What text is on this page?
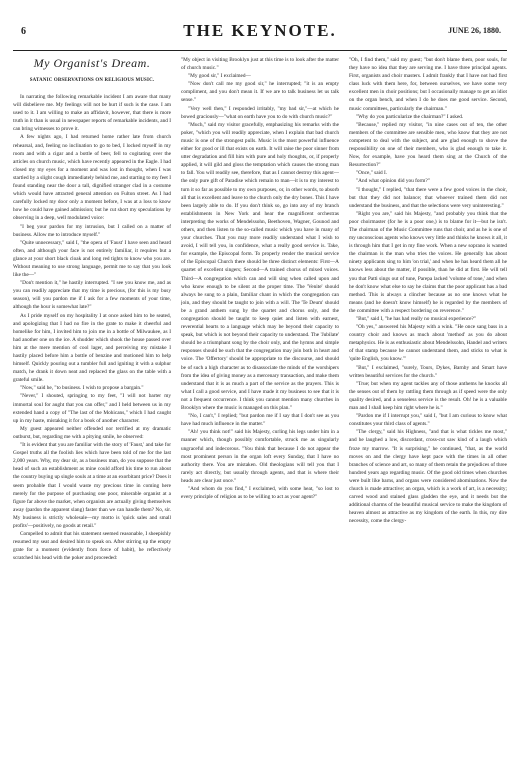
6	THE KEYNOTE.	JUNE 26, 1880.
My Organist's Dream.
SATANIC OBSERVATIONS ON RELIGIOUS MUSIC.

In narrating the following remarkable incident I am aware that many will disbelieve me. My feelings will not be hurt if such is the case. I am used to it. I am willing to make an affidavit, however, that there is more truth in it than is usual in newspaper reports of remarkable incidents, and I can bring witnesses to prove it.

A few nights ago, I had returned home rather late from church rehearsal, and, feeling no inclination to go to bed, I locked myself in my room and with a cigar and a bottle of beer, fell to cogitating over the articles on church music, which have recently appeared in the Eagle. I had closed my my eyes for a moment and was lost in thought, when I was startled by a slight cough immediately behind me, and starting to my feet I found standing near the door a tall, dignified stranger clad in a costume which would have attracted general attention on Fulton street. As I had carefully locked my door only a moment before, I was at a loss to know how he could have gained admission; but he cut short my speculations by observing in a deep, well modulated voice:

"I beg your pardon for my intrusion, but I called on a matter of business. Allow me to introduce myself."

"Quite unnecessary," said I, "the opera of 'Faust' I have seen and heard often, and although your face is not entirely familiar, it requires but a glance at your short black cloak and long red tights to know who you are. Without meaning to use strong language, permit me to say that you look like the—"

"Don't mention it," he hastily interrupted. "I see you know me, and as you can readily appreciate that my time is precious, (for this is my busy season), will you pardon me if I ask for a few moments of your time, although the hour is somewhat late?"

As I pride myself on my hospitality I at once asked him to be seated, and apologizing that I had no fire in the grate to make it cheerful and homelike for him, I invited him to join me in a bottle of Milwaukee, as I had another one on the ice. A shudder which shook the house passed over him at the mere mention of cool lager, and perceiving my mistake I hastily placed before him a bottle of benzine and motioned him to help himself. Quickly pouring out a tumbler full and igniting it with a sulphur match, he drank it down neat and replaced the glass on the table with a grateful smile.

"Now," said he, "to business. I wish to propose a bargain."

"Never," I shouted, springing to my feet, "I will not barter my immortal soul for aught that you can offer," and I held between us in my extended hand a copy of "The last of the Mohicans," which I had caught up in my haste, mistaking it for a book of another character.

My guest appeared neither offended nor terrified at my dramatic outburst, but, regarding me with a pitying smile, he observed:

"It is evident that you are familiar with the story of 'Faust,' and take for Gospel truths all the foolish lies which have been told of me for the last 2,000 years. Why, my dear sir, as a business man, do you suppose that the head of such an establishment as mine could afford his time to run about the country buying up single souls at a time at an exorbitant price? Does it seem probable that I would waste my precious time in coming here merely for the purpose of purchasing one poor, miserable organist at a figure far above the market, when organists are actually giving themselves away (pardon the apparent slang) faster than we can handle them? No, sir. My business is strictly wholesale—my motto is 'quick sales and small profits'—positively, no goods at retail."

Compelled to admit that his statement seemed reasonable, I sheepishly resumed my seat and desired him to speak on. After stirring up the empty grate for a moment (evidently from force of habit), he reflectively scratched his head with the poker and proceeded:

"My object in visiting Brooklyn just at this time is to look after the matter of church music."

"My good sir," I exclaimed—

"Now don't call me my good sir," he interrupted; "it is an empty compliment, and you don't mean it. If we are to talk business let us talk sense."

"Very well then," I responded irritably, "my bad sir,"—at which he bowed graciously—"what on earth have you to do with church music?"

"Much," said my visitor gracefully, emphasizing his remarks with the poker, "which you will readily appreciate, when I explain that bad church music is one of the strongest pulls. Music is the most powerful influence either for good or ill that exists on earth. It will raise the poor sinner from utter degradation and fill him with pure and holy thoughts, or, if properly applied, it will gild and gloss the temptation which causes the strong man to fall. You will readily see, therefore, that as I cannot destroy this agent—the only pure gift of Paradise which remain to man—it is to my interest to turn it so far as possible to my own purposes, or, in other words, to absorb all that is excellent and leave to the church only the dry bones. This I have been largely able to do. If you don't think so, go into any of my branch establishments in New York and hear the magnificent orchestras interpreting the works of Mendelssohn, Beethoven, Wagner, Gounod and others, and then listen to the so-called music which you have in many of your churches. That you may more readily understand what I wish to avoid, I will tell you, in confidence, what a really good service is. Take, for example, the Episcopal form. To properly render the musical service of the Episcopal Church there should be three distinct elements: First—A quartet of excellent singers; Second—A trained chorus of mixed voices. Third—A congregation which can and will sing when called upon and who know enough to be silent at the proper time. The 'Venite' should always be sung to a plain, familiar chant in which the congregation can join, and they should be taught to join with a will. The 'Te Deum' should be a grand anthem sung by the quartet and chorus only, and the congregation should be taught to keep quiet and listen with earnest, reverential hearts to a language which may be beyond their capacity to speak, but which is not beyond their capacity to understand. The 'Jubilate' should be a triumphant song by the choir only, and the hymns and simple responses should be such that the congregation may join both in heart and voice. The 'Offertory' should be appropriate to the discourse, and should be of such a high character as to disassociate the minds of the worshipers from the idea of giving money as a mercenary transaction, and make them understand that it is as much a part of the service as the prayers. This is what I call a good service, and I have made it my business to see that it is not a frequent occurrence. I think you cannot mention many churches in Brooklyn where the music is managed on this plan."

"No, I can't," I replied; "but pardon me if I say that I don't see as you have had much influence in the matter."

"Ah! you think not!" said his Majesty, curling his legs under him in a manner which, though possibly comfortable, struck me as singularly ungraceful and indecorous. "You think that because I do not appear the most prominent person in the organ loft every Sunday, that I have no authority there. You are mistaken. Old theologians will tell you that I rarely act directly, but usually through agents, and that is where their heads are clear just once."

"And whom do you find," I exclaimed, with some heat, "so lost to every principle of religion as to be willing to act as your agent?"

"Oh, I find them," said my guest; "but don't blame them, poor souls, for they have no idea that they are serving me. I have three principal agents. First, organists and choir masters. I admit frankly that I have not had first class luck with them here, for, between ourselves, we have some very excellent men in choir positions; but I occasionally manage to get an idiot on the organ bench, and when I do he does me good service. Second, music committees, particularly the chairman."

"Why do you particularize the chairman?" I asked.

"Because," replied my visitor, "in nine cases out of ten, the other members of the committee are sensible men, who know that they are not competent to deal with the subject, and are glad enough to shove the responsibility on one of their members, who is glad enough to take it. Now, for example, have you heard them sing at the Church of the Resurrection?"

"Once," said I.

"And what opinion did you form?"

"I thought," I replied, "that there were a few good voices in the choir, but that they did not balance; that whoever trained them did not understand the business, and that the selections were very uninteresting."

"Right you are," said his Majesty, "and probably you think that the poor choirmaster (for he is a poor one,) is to blame for it—but he isn't. The chairman of the Music Committee runs that choir, and as he is one of my unconscious agents who knows very little and thinks he knows it all, it is through him that I get in my fine work. When a new soprano is wanted the chairman is the man who tries the voices. He generally has about ninety applicants sing to him 'on trial,' and when he has heard them all he knows less about the matter, if possible, than he did at first. He will tell you that Patti sings out of tune, Parepa lacked 'volume of tone,' and when he don't know what else to say he claims that the poor applicant has a bad method. This is always a clincher because as no one knows what he means (and he doesn't know himself) he is regarded by the members of the committee with a respect bordering on reverence."

"But," said I, "he has had really no musical experience?"

"Oh yes," answered his Majesty with a wink. "He once sang bass in a country choir and knows as much about 'method' as you do about metaphysics. He is as enthusiastic about Mendelssohn, Handel and writers of that stamp because he cannot understand them, and sticks to what is 'quite English, you know.'"

"But," I exclaimed, "surely, Tours, Dykes, Barnby and Smart have written beautiful services for the church."

"True; but when my agent tackles any of those anthems he knocks all the senses out of them by rattling them through as if speed were the only quality desired, and a senseless service is the result. Oh! he is a valuable man and I shall keep him right where he is."

"Pardon me if I interrupt you," said I, "but I am curious to know what constitutes your third class of agents."

"The clergy," said his Highness, "and that is what tickles me most," and he laughed a low, discordant, cross-cut saw kind of a laugh which froze my marrow. "It is surprising," he continued, "that, as the world moves on and the clergy have kept pace with the times in all other branches of science and art, so many of them retain the prejudices of three hundred years ago regarding music. Of the good old times when churches were built like barns, and organs were considered abominations. Now the church is made attractive; an organ, which is a work of art, is a necessity; carved wood and stained glass gladden the eye, and it needs but the additional charms of the beautiful musical service to make the kingdom of heaven almost as attractive as my kingdom of the earth. In this, my dire necessity, come the clergy-
